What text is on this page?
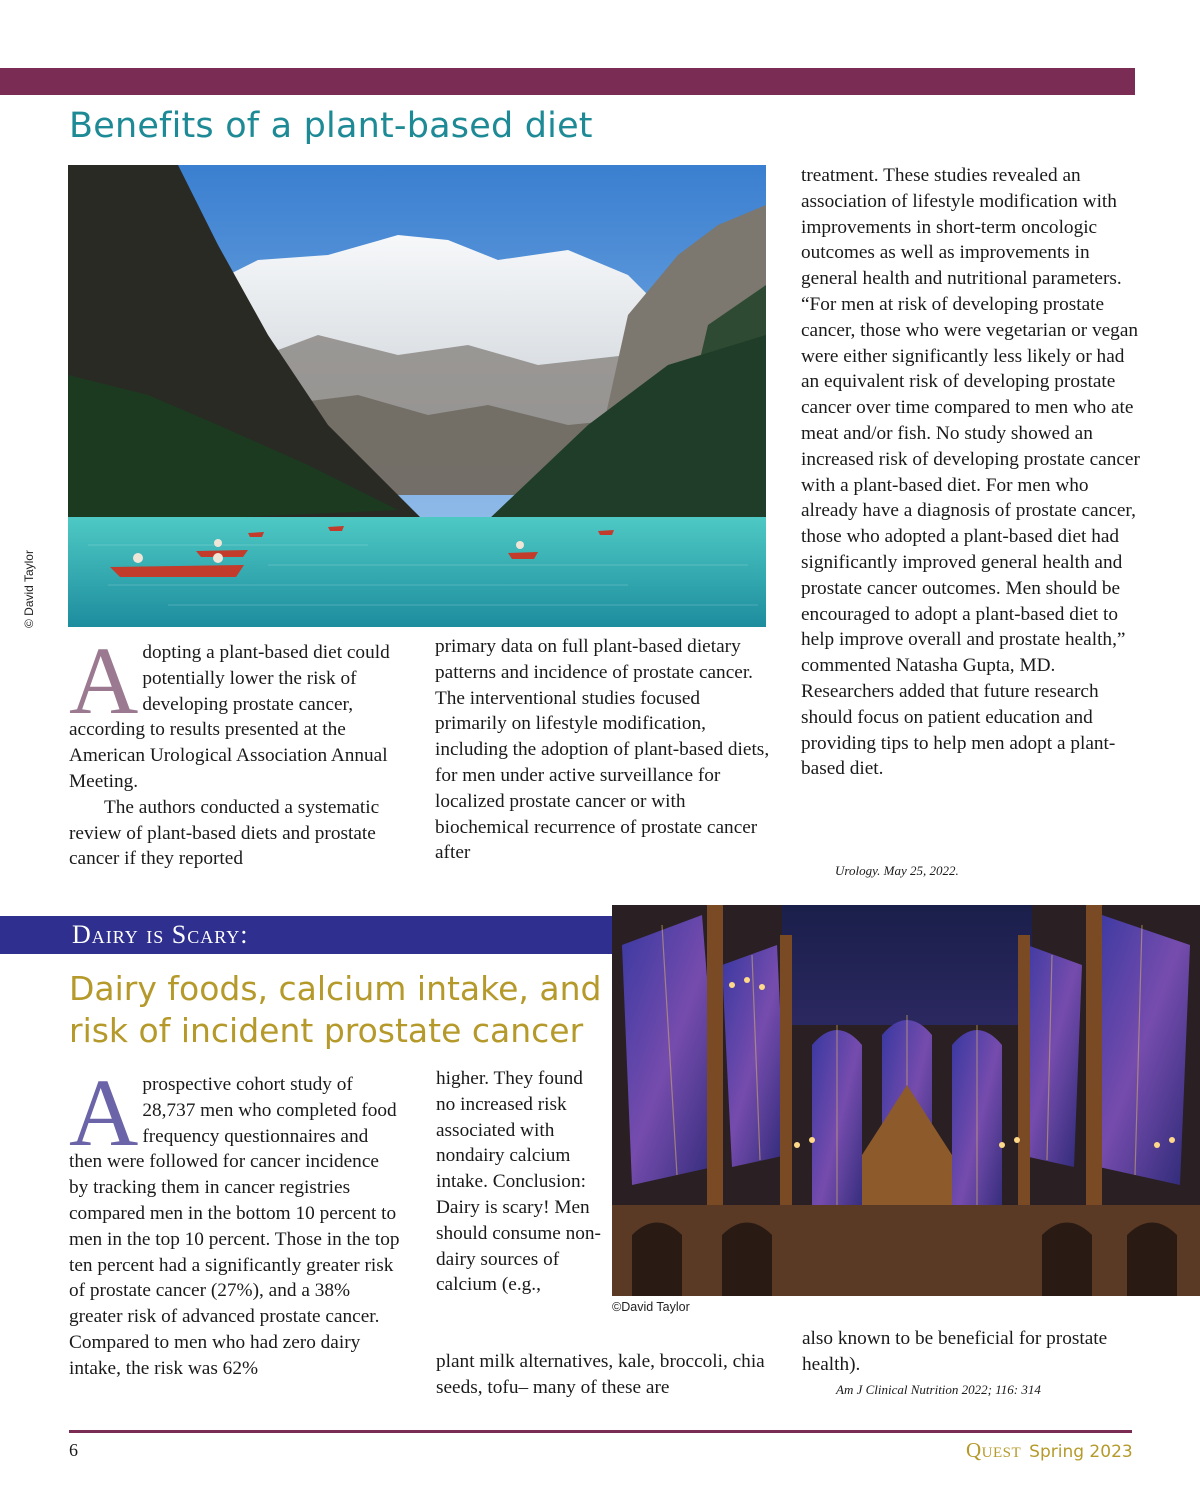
Benefits of a plant-based diet
© David Taylor

A dopting a plant-based diet could potentially lower the risk of developing prostate cancer, according to results presented at the American Urological Association Annual Meeting.

The authors conducted a systematic review of plant-based diets and prostate cancer if they reported

primary data on full plant-based dietary patterns and incidence of prostate cancer. The interventional studies focused primarily on lifestyle modification, including the adoption of plant-based diets, for men under active surveillance for localized prostate cancer or with biochemical recurrence of prostate cancer after

treatment. These studies revealed an association of lifestyle modification with improvements in short-term oncologic outcomes as well as improvements in general health and nutritional parameters. “For men at risk of developing prostate cancer, those who were vegetarian or vegan were either significantly less likely or had an equivalent risk of developing prostate cancer over time compared to men who ate meat and/or fish. No study showed an increased risk of developing prostate cancer with a plant-based diet. For men who already have a diagnosis of prostate cancer, those who adopted a plant-based diet had significantly improved general health and prostate cancer outcomes. Men should be encouraged to adopt a plant-based diet to help improve overall and prostate health,” commented Natasha Gupta, MD. Researchers added that future research should focus on patient education and providing tips to help men adopt a plant-based diet.

Urology. May 25, 2022.
Dairy is Scary:
Dairy foods, calcium intake, and risk of incident prostate cancer
©David Taylor

A prospective cohort study of 28,737 men who completed food frequency questionnaires and then were followed for cancer incidence by tracking them in cancer registries compared men in the bottom 10 percent to men in the top 10 percent. Those in the top ten percent had a significantly greater risk of prostate cancer (27%), and a 38% greater risk of advanced prostate cancer. Compared to men who had zero dairy intake, the risk was 62%

higher. They found no increased risk associated with nondairy calcium intake. Conclusion: Dairy is scary! Men should consume non-dairy sources of calcium (e.g.,

plant milk alternatives, kale, broccoli, chia seeds, tofu– many of these are

also known to be beneficial for prostate health).

Am J Clinical Nutrition 2022; 116: 314
6	Quest Spring 2023
